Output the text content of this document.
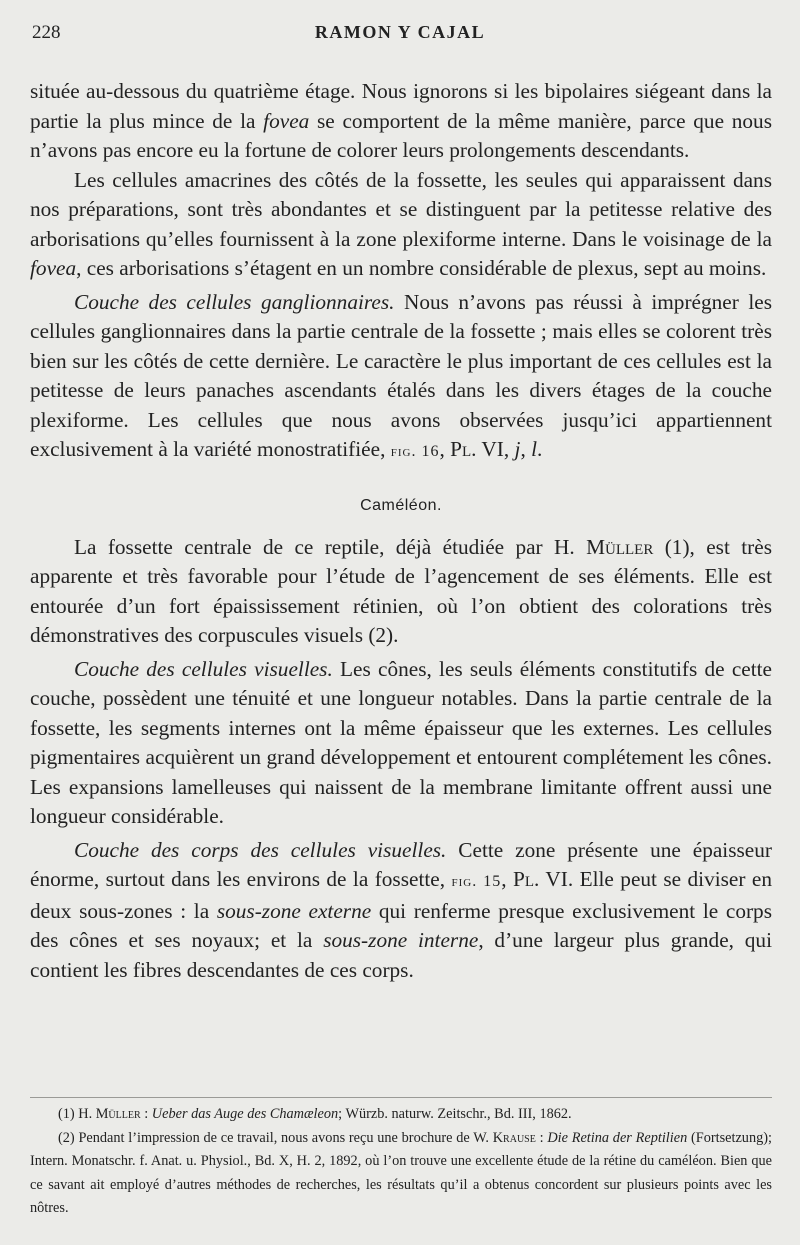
228	RAMON Y CAJAL

située au-dessous du quatrième étage. Nous ignorons si les bipolaires siégeant dans la partie la plus mince de la fovea se comportent de la même manière, parce que nous n’avons pas encore eu la fortune de colorer leurs prolongements descendants.

Les cellules amacrines des côtés de la fossette, les seules qui apparaissent dans nos préparations, sont très abondantes et se distinguent par la petitesse relative des arborisations qu’elles fournissent à la zone plexiforme interne. Dans le voisinage de la fovea, ces arborisations s’étagent en un nombre considérable de plexus, sept au moins.

Couche des cellules ganglionnaires. Nous n’avons pas réussi à imprégner les cellules ganglionnaires dans la partie centrale de la fossette ; mais elles se colorent très bien sur les côtés de cette dernière. Le caractère le plus important de ces cellules est la petitesse de leurs panaches ascendants étalés dans les divers étages de la couche plexiforme. Les cellules que nous avons observées jusqu’ici appartiennent exclusivement à la variété monostratifiée, fig. 16, Pl. VI, j, l.

Caméléon.

La fossette centrale de ce reptile, déjà étudiée par H. Müller (1), est très apparente et très favorable pour l’étude de l’agencement de ses éléments. Elle est entourée d’un fort épaississement rétinien, où l’on obtient des colorations très démonstratives des corpuscules visuels (2).

Couche des cellules visuelles. Les cônes, les seuls éléments constitutifs de cette couche, possèdent une ténuité et une longueur notables. Dans la partie centrale de la fossette, les segments internes ont la même épaisseur que les externes. Les cellules pigmentaires acquièrent un grand développement et entourent complétement les cônes. Les expansions lamelleuses qui naissent de la membrane limitante offrent aussi une longueur considérable.

Couche des corps des cellules visuelles. Cette zone présente une épaisseur énorme, surtout dans les environs de la fossette, fig. 15, Pl. VI. Elle peut se diviser en deux sous-zones : la sous-zone externe qui renferme presque exclusivement le corps des cônes et ses noyaux; et la sous-zone interne, d’une largeur plus grande, qui contient les fibres descendantes de ces corps.

(1) H. Müller : Ueber das Auge des Chamæleon; Würzb. naturw. Zeitschr., Bd. III, 1862.

(2) Pendant l’impression de ce travail, nous avons reçu une brochure de W. Krause : Die Retina der Reptilien (Fortsetzung); Intern. Monatschr. f. Anat. u. Physiol., Bd. X, H. 2, 1892, où l’on trouve une excellente étude de la rétine du caméléon. Bien que ce savant ait employé d’autres méthodes de recherches, les résultats qu’il a obtenus concordent sur plusieurs points avec les nôtres.
